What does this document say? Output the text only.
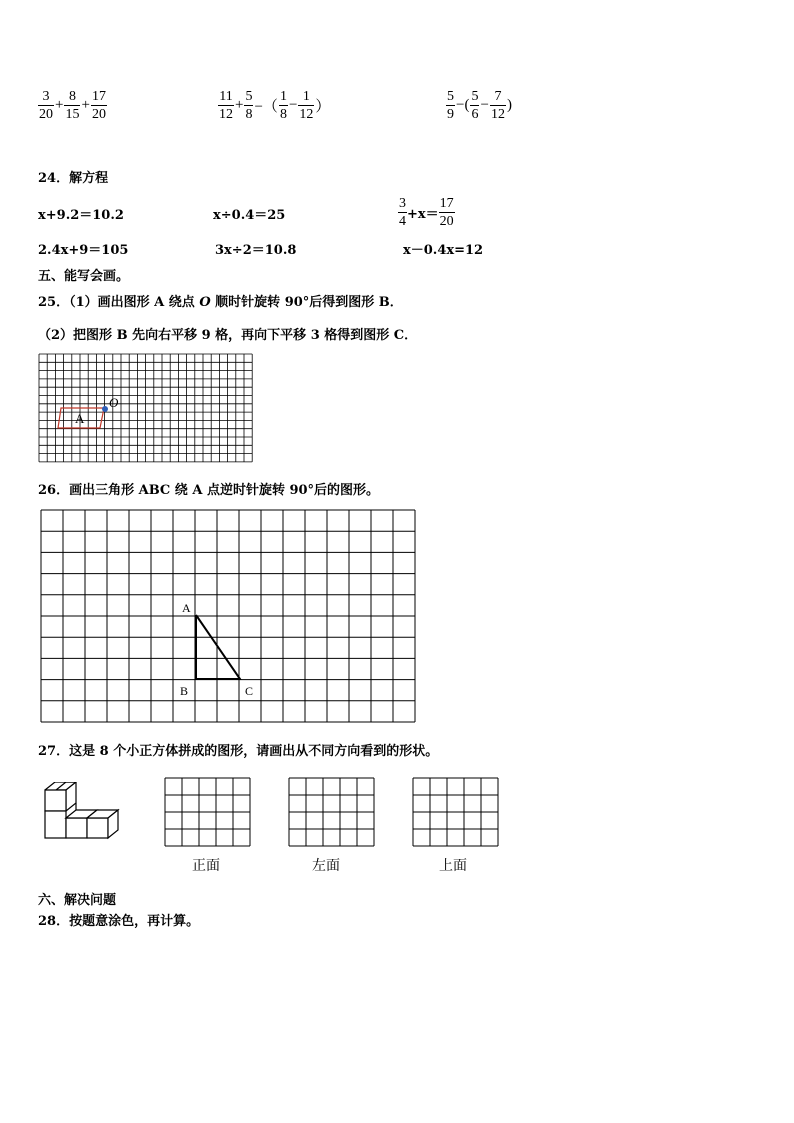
$\frac{3}{20} + \frac{8}{15} + \frac{17}{20}$	$\frac{11}{12} + \frac{5}{8}$ −（ $\frac{1}{8} - \frac{1}{12}$ ）	$\frac{5}{9}$ −( $\frac{5}{6} - \frac{7}{12}$ )
24．解方程
x+9.2＝10.2	x÷0.4＝25	$\frac{3}{4} +x= \frac{17}{20}$
2.4x+9＝105	3x÷2＝10.8	x－0.4x=12
五、能写会画。
25．（1）画出图形 A 绕点 O 顺时针旋转 90°后得到图形 B．
（2）把图形 B 先向右平移 9 格，再向下平移 3 格得到图形 C．
A
O
26．画出三角形 ABC 绕 A 点逆时针旋转 90°后的图形。
A
B	C
27．这是 8 个小正方体拼成的图形，请画出从不同方向看到的形状。
正面	左面	上面
六、解决问题
28．按题意涂色，再计算。
